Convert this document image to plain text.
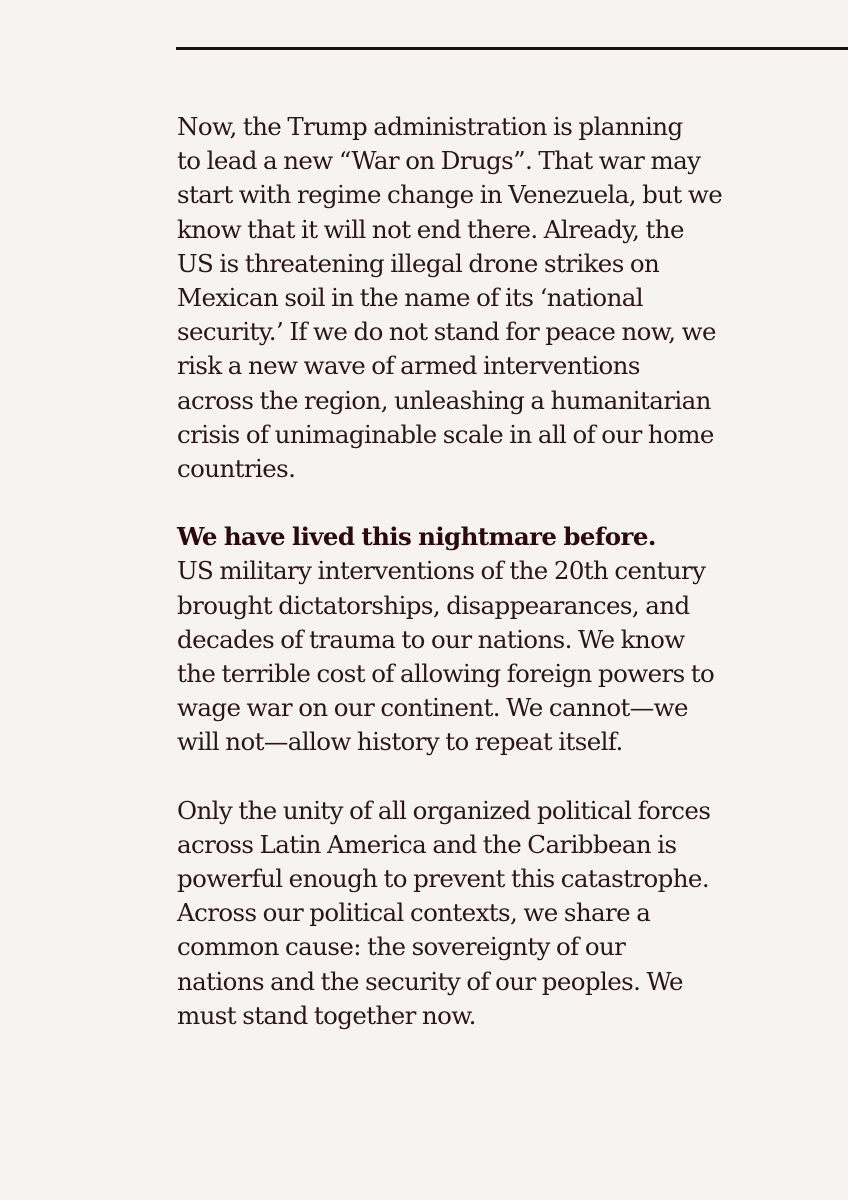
Now, the Trump administration is planning
to lead a new “War on Drugs”. That war may
start with regime change in Venezuela, but we
know that it will not end there. Already, the
US is threatening illegal drone strikes on
Mexican soil in the name of its ‘national
security.’ If we do not stand for peace now, we
risk a new wave of armed interventions
across the region, unleashing a humanitarian
crisis of unimaginable scale in all of our home
countries.

We have lived this nightmare before.
US military interventions of the 20th century
brought dictatorships, disappearances, and
decades of trauma to our nations. We know
the terrible cost of allowing foreign powers to
wage war on our continent. We cannot—we
will not—allow history to repeat itself.

Only the unity of all organized political forces
across Latin America and the Caribbean is
powerful enough to prevent this catastrophe.
Across our political contexts, we share a
common cause: the sovereignty of our
nations and the security of our peoples. We
must stand together now.
